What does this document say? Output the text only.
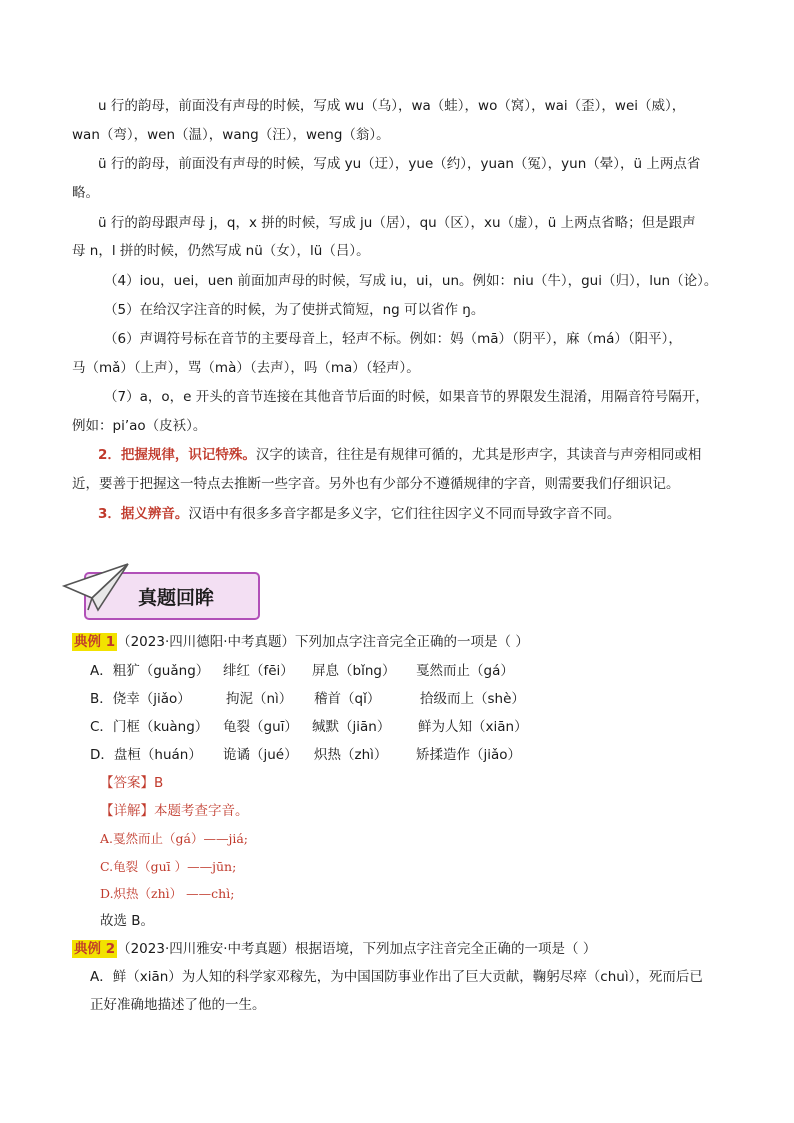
u 行的韵母，前面没有声母的时候，写成 wu（乌），wa（蛙），wo（窝），wai（歪），wei（威），
wan（弯），wen（温），wang（汪），weng（翁）。
ü 行的韵母，前面没有声母的时候，写成 yu（迂），yue（约），yuan（冤），yun（晕），ü 上两点省
略。
ü 行的韵母跟声母 j，q，x 拼的时候，写成 ju（居），qu（区），xu（虚），ü 上两点省略；但是跟声
母 n，l 拼的时候，仍然写成 nü（女），lü（吕）。
（4）iou，uei，uen 前面加声母的时候，写成 iu，ui，un。例如：niu（牛），gui（归），lun（论）。
（5）在给汉字注音的时候，为了使拼式简短，ng 可以省作 ŋ。
（6）声调符号标在音节的主要母音上，轻声不标。例如：妈（mā）（阴平），麻（má）（阳平），
马（mǎ）（上声），骂（mà）（去声），吗（ma）（轻声）。
（7）a，o，e 开头的音节连接在其他音节后面的时候，如果音节的界限发生混淆，用隔音符号隔开，
例如：pi’ao（皮袄）。
2．把握规律，识记特殊。汉字的读音，往往是有规律可循的，尤其是形声字，其读音与声旁相同或相
近，要善于把握这一特点去推断一些字音。另外也有少部分不遵循规律的字音，则需要我们仔细识记。
3．据义辨音。汉语中有很多多音字都是多义字，它们往往因字义不同而导致字音不同。
真题回眸
典例 1 （2023·四川德阳·中考真题）下列加点字注音完全正确的一项是（ ）
A．粗犷（guǎng） 绯红（fēi） 屏息（bǐng） 戛然而止（gá）
B．侥幸（jiǎo）	拘泥（nì） 稽首（qǐ）	拾级而上（shè）
C．门框（kuàng） 龟裂（guī） 缄默（jiān） 鲜为人知（xiān）
D．盘桓（huán） 诡谲（jué） 炽热（zhì） 矫揉造作（jiǎo）
【答案】B
【详解】本题考查字音。
A.戛然而止（gá）——jiá;
C.龟裂（guī ）——jūn;
D.炽热（zhì） ——chì;
故选 B。
典例 2 （2023·四川雅安·中考真题）根据语境，下列加点字注音完全正确的一项是（ ）
A．鲜（xiān）为人知的科学家邓稼先，为中国国防事业作出了巨大贡献，鞠躬尽瘁（chuì），死而后已
正好准确地描述了他的一生。
